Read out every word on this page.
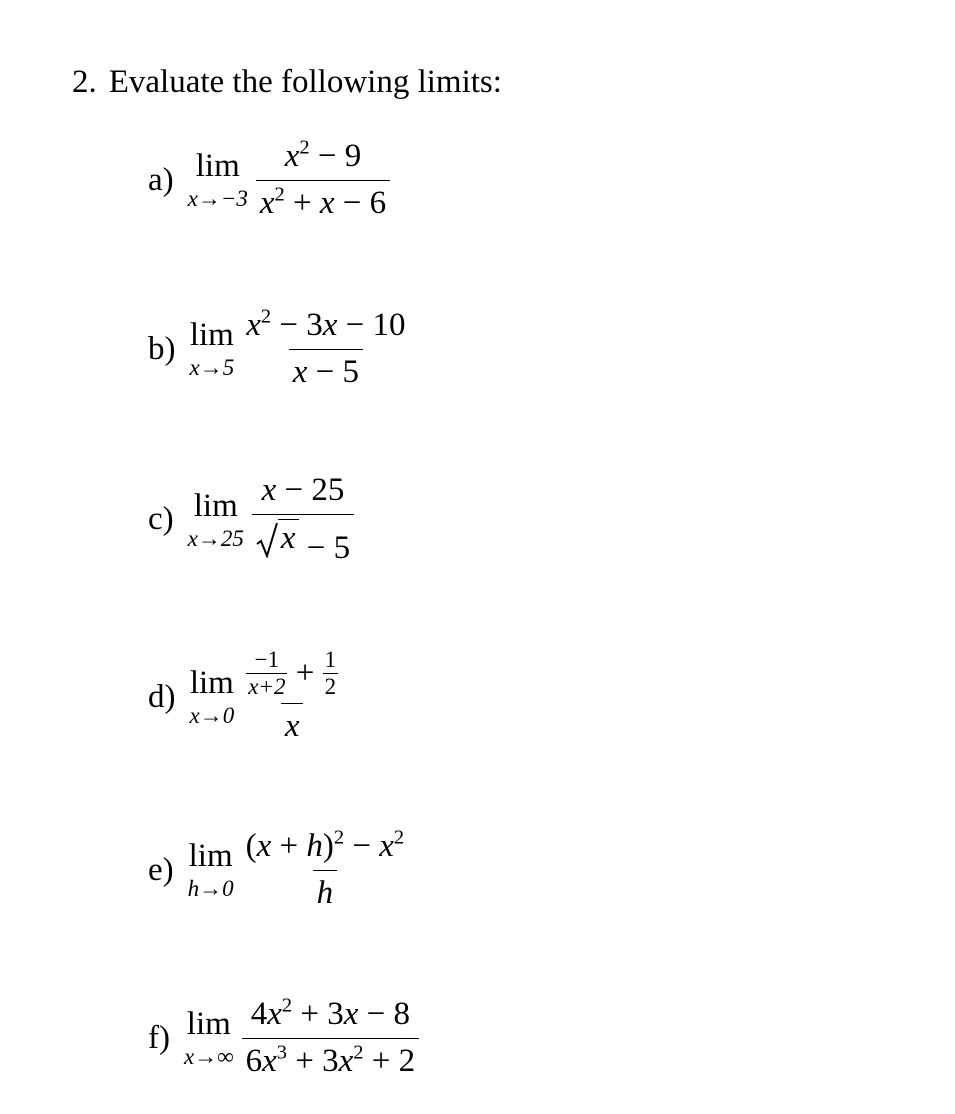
2. Evaluate the following limits:
a) lim
$x\to-3 \frac{x^2 - 9}{x^2 + x - 6}$
b) lim
$x\to 5 \frac{x^2 - 3x - 10}{x - 5}$
c) lim
$x\to 25 \frac{x - 25}{x - 5}$
d) lim
$x\to 0 \frac{\frac{-1}{x+2} + \frac{1}{2}}{x}$
e) lim
$h\to 0 \frac{(x + h)^2 - x^2}{h}$
f) lim
$x\to\infty \frac{4x^2 + 3x - 8}{6x^3 + 3x^2 + 2}$
